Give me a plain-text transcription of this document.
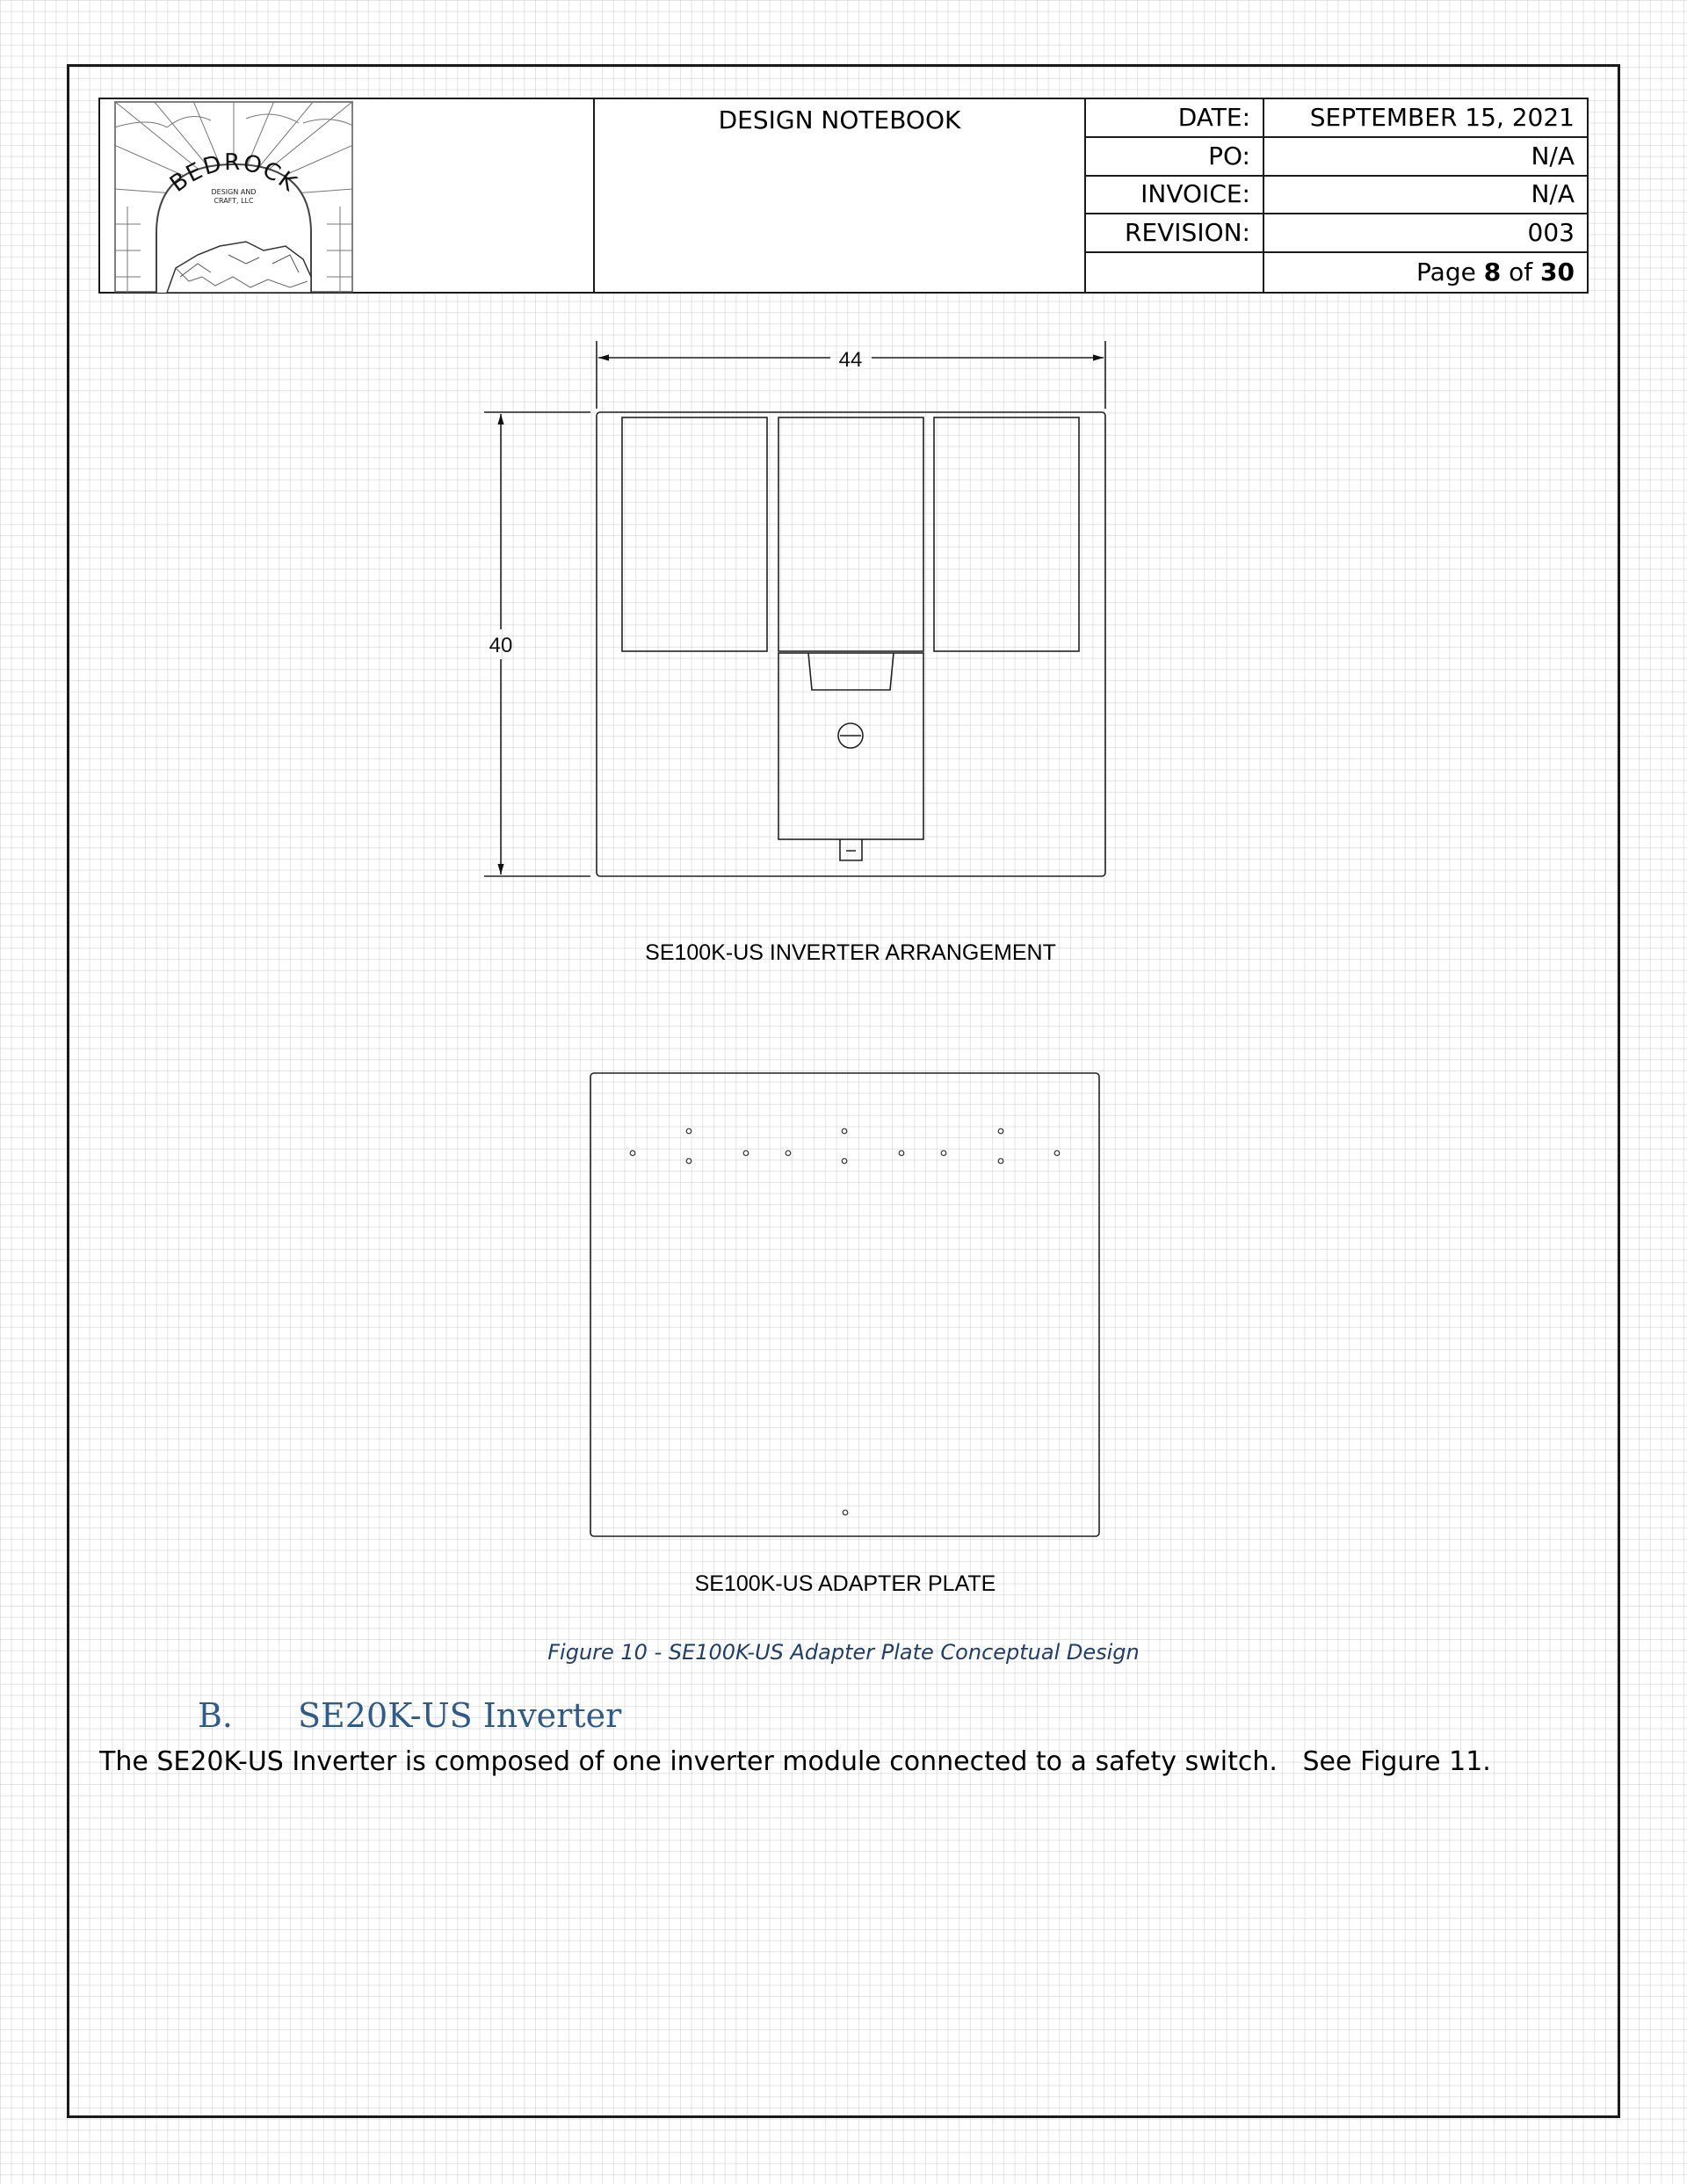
BEDROCK
DESIGN AND
CRAFT, LLC
DESIGN NOTEBOOK	DATE:	SEPTEMBER 15, 2021
PO:	N/A
INVOICE:	N/A
REVISION:	003
Page
8
of
30
44
40
SE100K-US INVERTER ARRANGEMENT
SE100K-US ADAPTER PLATE
Figure 10 - SE100K-US Adapter Plate Conceptual Design
B. SE20K-US Inverter
The SE20K-US Inverter is composed of one inverter module connected to a safety switch.   See Figure 11.
